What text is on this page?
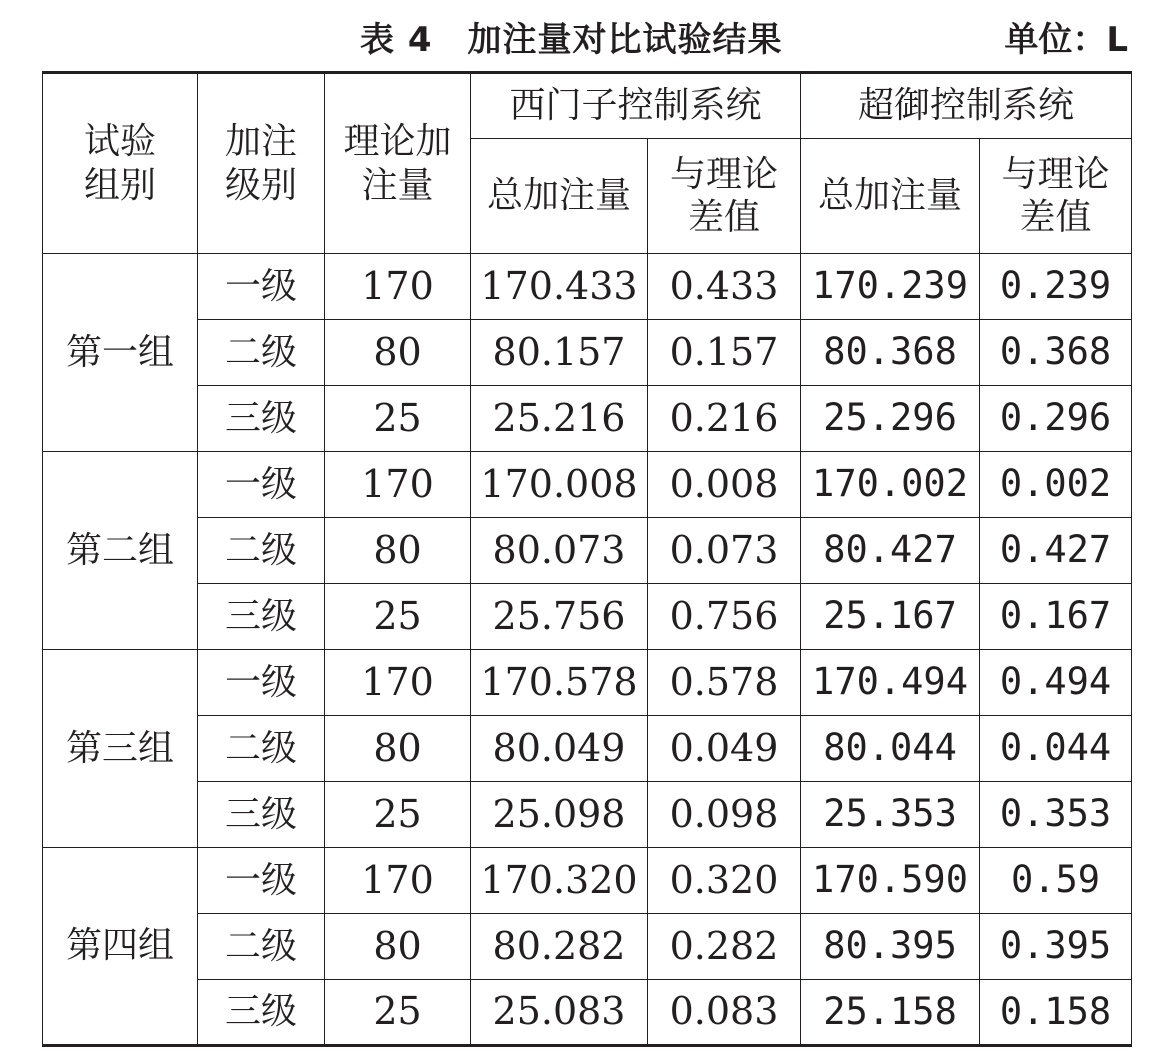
表 4　加注量对比试验结果	单位：L
试验组别	加注级别	理论加注量	西门子控制系统		超御控制系统	
			总加注量	与理论差值	总加注量	与理论差值
第一组	一级	170	170.433	0.433	170.239	0.239
	二级	80	80.157	0.157	80.368	0.368
	三级	25	25.216	0.216	25.296	0.296
第二组	一级	170	170.008	0.008	170.002	0.002
	二级	80	80.073	0.073	80.427	0.427
	三级	25	25.756	0.756	25.167	0.167
第三组	一级	170	170.578	0.578	170.494	0.494
	二级	80	80.049	0.049	80.044	0.044
	三级	25	25.098	0.098	25.353	0.353
第四组	一级	170	170.320	0.320	170.590	0.59
	二级	80	80.282	0.282	80.395	0.395
	三级	25	25.083	0.083	25.158	0.158
